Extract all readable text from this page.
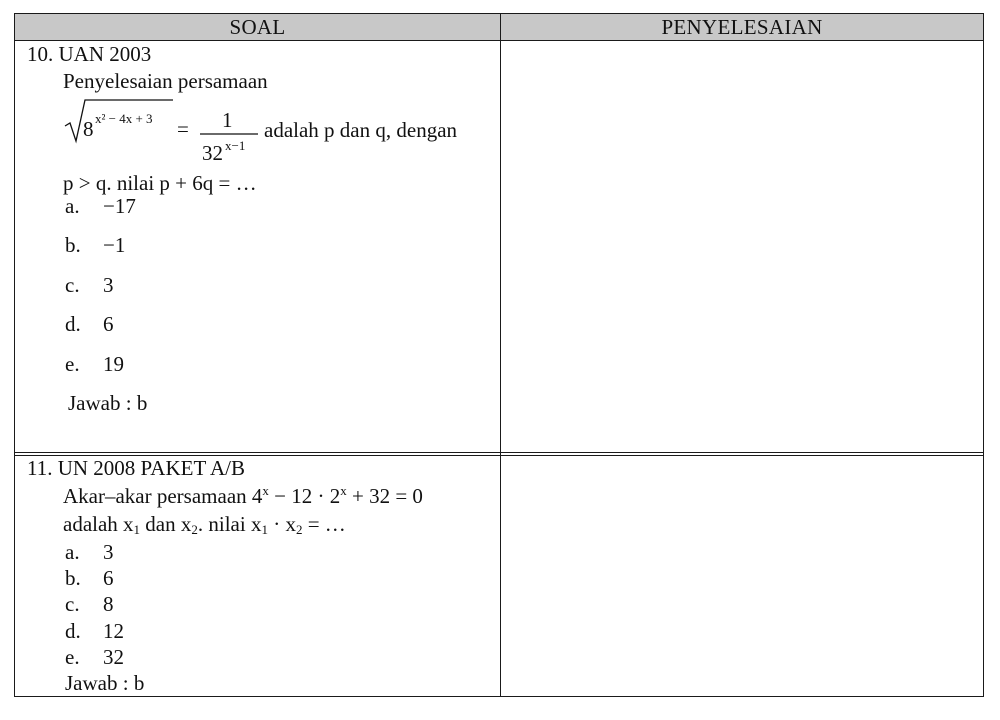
SOAL	PENYELESAIAN
10. UAN 2003
Penyelesaian persamaan
8 x² − 4x + 3 = 1
32 x−1
adalah p dan q, dengan
p > q. nilai p + 6q = …
a. −17
b. −1
c. 3
d. 6
e. 19
Jawab : b
11. UN 2008 PAKET A/B
Akar–akar persamaan $4^x - 12 \cdot 2^x + 32 = 0$
adalah $x_1$ dan $x_2$. nilai $x_1 \cdot x_2$ = …
a. 3
b. 6
c. 8
d. 12
e. 32
Jawab : b
